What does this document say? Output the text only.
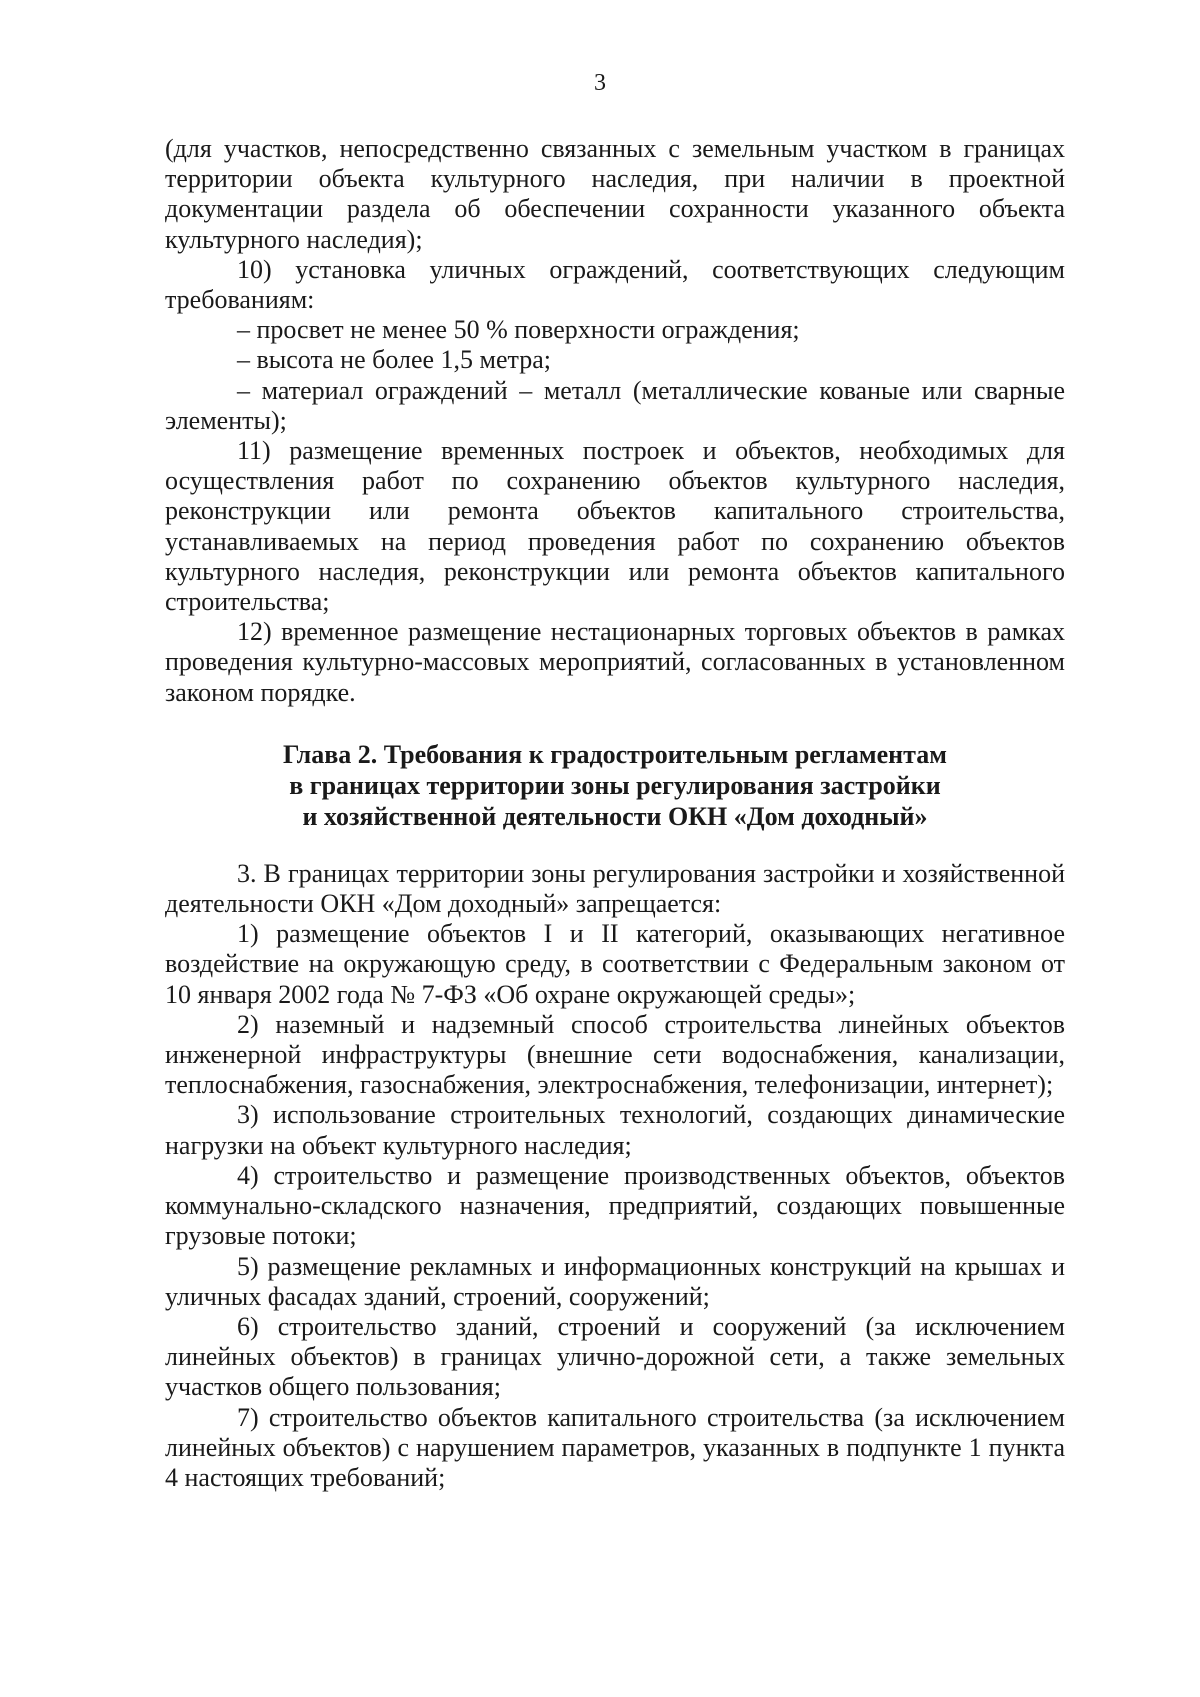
3

(для участков, непосредственно связанных с земельным участком в границах территории объекта культурного наследия, при наличии в проектной документации раздела об обеспечении сохранности указанного объекта культурного наследия);

10) установка уличных ограждений, соответствующих следующим требованиям:

– просвет не менее 50 % поверхности ограждения;

– высота не более 1,5 метра;

– материал ограждений – металл (металлические кованые или сварные элементы);

11) размещение временных построек и объектов, необходимых для осуществления работ по сохранению объектов культурного наследия, реконструкции или ремонта объектов капитального строительства, устанавливаемых на период проведения работ по сохранению объектов культурного наследия, реконструкции или ремонта объектов капитального строительства;

12) временное размещение нестационарных торговых объектов в рамках проведения культурно-массовых мероприятий, согласованных в установленном законом порядке.

Глава 2. Требования к градостроительным регламентам

в границах территории зоны регулирования застройки

и хозяйственной деятельности ОКН «Дом доходный»

3. В границах территории зоны регулирования застройки и хозяйственной деятельности ОКН «Дом доходный» запрещается:

1) размещение объектов I и II категорий, оказывающих негативное воздействие на окружающую среду, в соответствии с Федеральным законом от 10 января 2002 года № 7-ФЗ «Об охране окружающей среды»;

2) наземный и надземный способ строительства линейных объектов инженерной инфраструктуры (внешние сети водоснабжения, канализации, теплоснабжения, газоснабжения, электроснабжения, телефонизации, интернет);

3) использование строительных технологий, создающих динамические нагрузки на объект культурного наследия;

4) строительство и размещение производственных объектов, объектов коммунально-складского назначения, предприятий, создающих повышенные грузовые потоки;

5) размещение рекламных и информационных конструкций на крышах и уличных фасадах зданий, строений, сооружений;

6) строительство зданий, строений и сооружений (за исключением линейных объектов) в границах улично-дорожной сети, а также земельных участков общего пользования;

7) строительство объектов капитального строительства (за исключением линейных объектов) с нарушением параметров, указанных в подпункте 1 пункта 4 настоящих требований;
